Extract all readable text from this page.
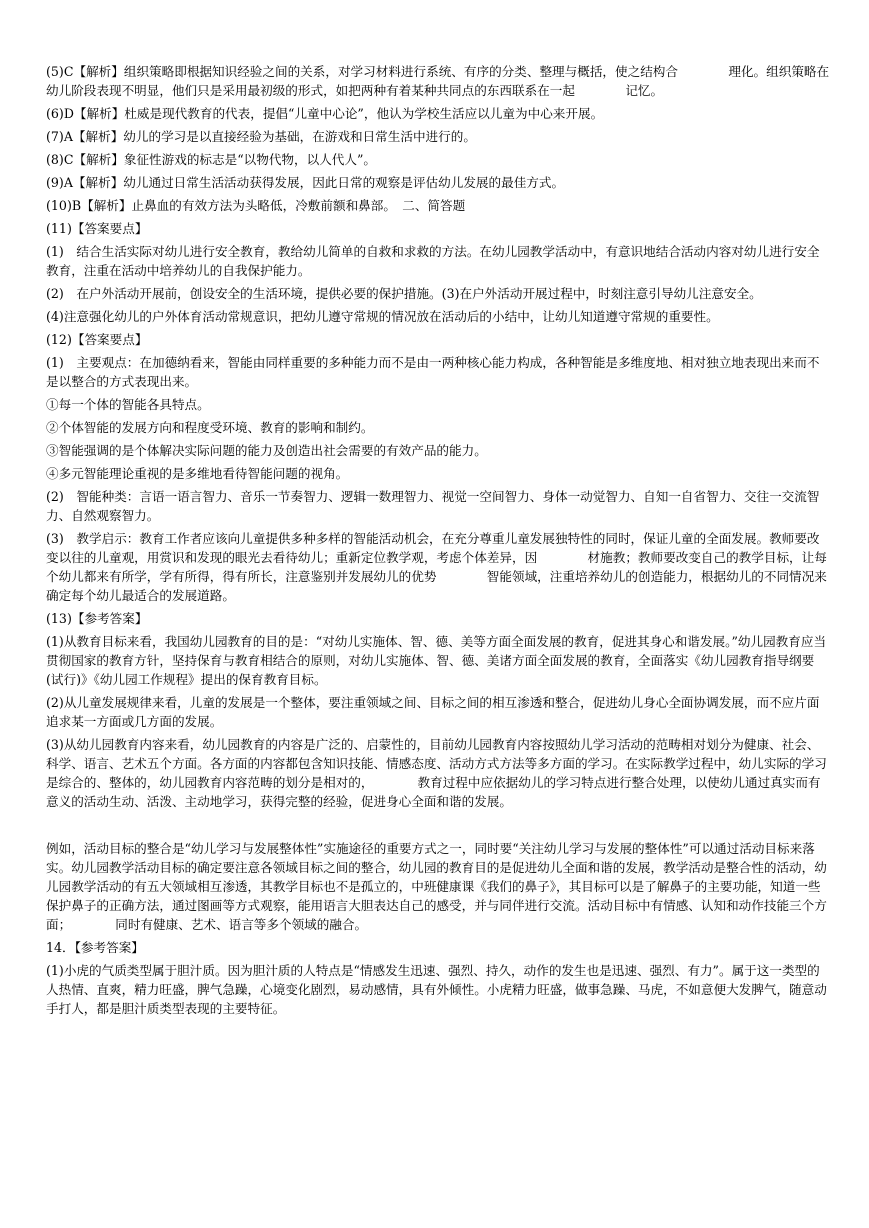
(5)C【解析】组织策略即根据知识经验之间的关系，对学习材料进行系统、有序的分类、整理与概括，使之结构合　　　　理化。组织策略在幼儿阶段表现不明显，他们只是采用最初级的形式，如把两种有着某种共同点的东西联系在一起　　　　记忆。

(6)D【解析】杜威是现代教育的代表，提倡“儿童中心论”，他认为学校生活应以儿童为中心来开展。

(7)A【解析】幼儿的学习是以直接经验为基础，在游戏和日常生活中进行的。

(8)C【解析】象征性游戏的标志是“以物代物，以人代人”。

(9)A【解析】幼儿通过日常生活活动获得发展，因此日常的观察是评估幼儿发展的最佳方式。

(10)B【解析】止鼻血的有效方法为头略低，冷敷前额和鼻部。　二、简答题

(11)【答案要点】

(1)　结合生活实际对幼儿进行安全教育，教给幼儿简单的自救和求救的方法。在幼儿园教学活动中，有意识地结合活动内容对幼儿进行安全教育，注重在活动中培养幼儿的自我保护能力。

(2)　在户外活动开展前，创设安全的生活环境，提供必要的保护措施。(3)在户外活动开展过程中，时刻注意引导幼儿注意安全。

(4)注意强化幼儿的户外体育活动常规意识，把幼儿遵守常规的情况放在活动后的小结中，让幼儿知道遵守常规的重要性。

(12)【答案要点】

(1)　主要观点：在加德纳看来，智能由同样重要的多种能力而不是由一两种核心能力构成，各种智能是多维度地、相对独立地表现出来而不是以整合的方式表现出来。

①每一个体的智能各具特点。

②个体智能的发展方向和程度受环境、教育的影响和制约。

③智能强调的是个体解决实际问题的能力及创造出社会需要的有效产品的能力。

④多元智能理论重视的是多维地看待智能问题的视角。

(2)　智能种类：言语一语言智力、音乐一节奏智力、逻辑一数理智力、视觉一空间智力、身体一动觉智力、自知一自省智力、交往一交流智力、自然观察智力。

(3)　教学启示：教育工作者应该向儿童提供多种多样的智能活动机会，在充分尊重儿童发展独特性的同时，保证儿童的全面发展。教师要改变以往的儿童观，用赏识和发现的眼光去看待幼儿；重新定位教学观，考虑个体差异，因　　　　材施教；教师要改变自己的教学目标，让每个幼儿都来有所学，学有所得，得有所长，注意鉴别并发展幼儿的优势　　　　智能领域，注重培养幼儿的创造能力，根据幼儿的不同情况来确定每个幼儿最适合的发展道路。

(13)【参考答案】

(1)从教育目标来看，我国幼儿园教育的目的是：“对幼儿实施体、智、德、美等方面全面发展的教育，促进其身心和谐发展。”幼儿园教育应当贯彻国家的教育方针，坚持保育与教育相结合的原则，对幼儿实施体、智、德、美诸方面全面发展的教育，全面落实《幼儿园教育指导纲要(试行)》《幼儿园工作规程》提出的保育教育目标。

(2)从儿童发展规律来看，儿童的发展是一个整体，要注重领域之间、目标之间的相互渗透和整合，促进幼儿身心全面协调发展，而不应片面追求某一方面或几方面的发展。

(3)从幼儿园教育内容来看，幼儿园教育的内容是广泛的、启蒙性的，目前幼儿园教育内容按照幼儿学习活动的范畴相对划分为健康、社会、科学、语言、艺术五个方面。各方面的内容都包含知识技能、情感态度、活动方式方法等多方面的学习。在实际教学过程中，幼儿实际的学习是综合的、整体的，幼儿园教育内容范畴的划分是相对的，　　　　教育过程中应依据幼儿的学习特点进行整合处理，以使幼儿通过真实而有意义的活动生动、活泼、主动地学习，获得完整的经验，促进身心全面和谐的发展。

例如，活动目标的整合是“幼儿学习与发展整体性”实施途径的重要方式之一，同时要“关注幼儿学习与发展的整体性”可以通过活动目标来落实。幼儿园教学活动目标的确定要注意各领域目标之间的整合，幼儿园的教育目的是促进幼儿全面和谐的发展，教学活动是整合性的活动，幼儿园教学活动的有五大领域相互渗透，其教学目标也不是孤立的，中班健康课《我们的鼻子》，其目标可以是了解鼻子的主要功能，知道一些保护鼻子的正确方法，通过图画等方式观察，能用语言大胆表达自己的感受，并与同伴进行交流。活动目标中有情感、认知和动作技能三个方面；　　　　同时有健康、艺术、语言等多个领域的融合。

14．【参考答案】

(1)小虎的气质类型属于胆汁质。因为胆汁质的人特点是“情感发生迅速、强烈、持久，动作的发生也是迅速、强烈、有力”。属于这一类型的人热情、直爽，精力旺盛，脾气急躁，心境变化剧烈，易动感情，具有外倾性。小虎精力旺盛，做事急躁、马虎，不如意便大发脾气，随意动手打人，都是胆汁质类型表现的主要特征。
